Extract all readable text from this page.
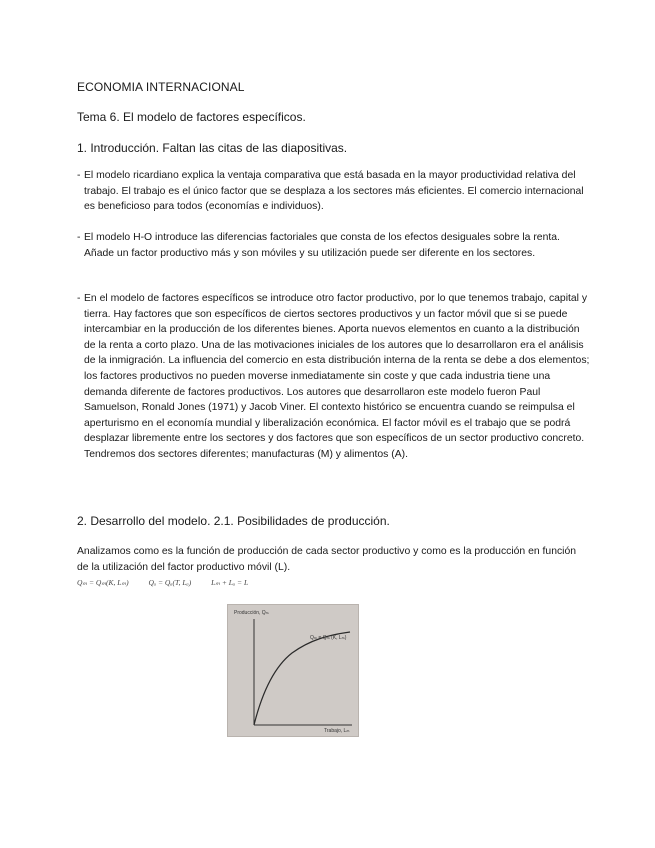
ECONOMIA INTERNACIONAL
Tema 6. El modelo de factores específicos.
1. Introducción. Faltan las citas de las diapositivas.
- El modelo ricardiano explica la ventaja comparativa que está basada en la mayor productividad relativa del trabajo. El trabajo es el único factor que se desplaza a los sectores más eficientes. El comercio internacional es beneficioso para todos (economías e individuos).
- El modelo H-O introduce las diferencias factoriales que consta de los efectos desiguales sobre la renta. Añade un factor productivo más y son móviles y su utilización puede ser diferente en los sectores.
- En el modelo de factores específicos se introduce otro factor productivo, por lo que tenemos trabajo, capital y tierra. Hay factores que son específicos de ciertos sectores productivos y un factor móvil que si se puede intercambiar en la producción de los diferentes bienes. Aporta nuevos elementos en cuanto a la distribución de la renta a corto plazo. Una de las motivaciones iniciales de los autores que lo desarrollaron era el análisis de la inmigración. La influencia del comercio en esta distribución interna de la renta se debe a dos elementos; los factores productivos no pueden moverse inmediatamente sin coste y que cada industria tiene una demanda diferente de factores productivos. Los autores que desarrollaron este modelo fueron Paul Samuelson, Ronald Jones (1971) y Jacob Viner. El contexto histórico se encuentra cuando se reimpulsa el aperturismo en el economía mundial y liberalización económica. El factor móvil es el trabajo que se podrá desplazar libremente entre los sectores y dos factores que son específicos de un sector productivo concreto. Tendremos dos sectores diferentes; manufacturas (M) y alimentos (A).
2. Desarrollo del modelo. 2.1. Posibilidades de producción.
Analizamos como es la función de producción de cada sector productivo y como es la producción en función de la utilización del factor productivo móvil (L).
Qₘ = Qₘ(K, Lₘ)	Qₐ = Qₐ(T, Lₐ)	Lₘ + Lₐ = L
Producción, Qₘ
Qₘ = Qₘ (K, Lₘ)
Trabajo, Lₘ
